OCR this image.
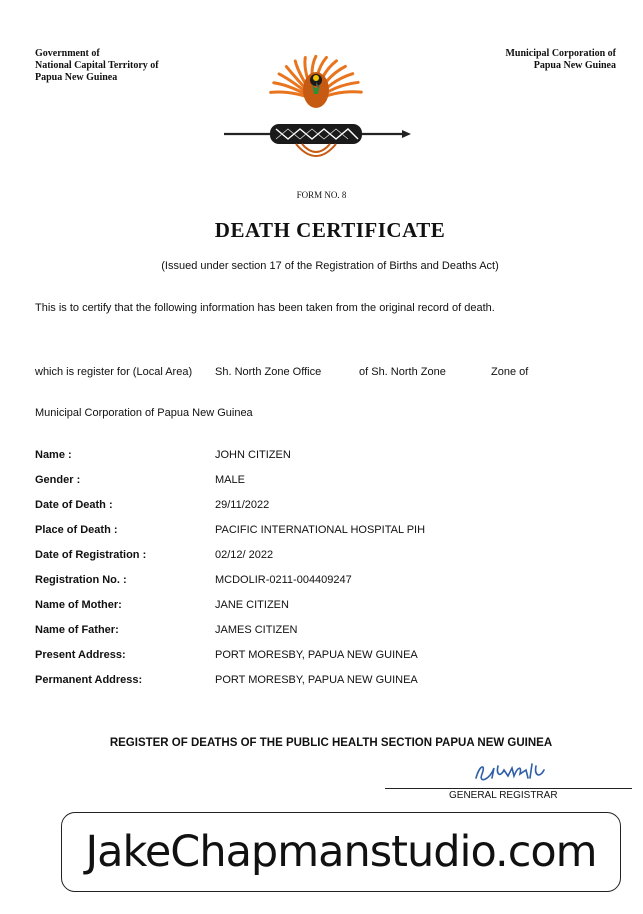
Government of
National Capital Territory of
Papua New Guinea
Municipal Corporation of
Papua New Guinea
FORM NO. 8
DEATH CERTIFICATE
(Issued under section 17 of the Registration of Births and Deaths Act)
This is to certify that the following information has been taken from the original record of death.
which is register for (Local Area) Sh. North Zone Office	of Sh. North Zone	Zone of
Municipal Corporation of Papua New Guinea
Name :	JOHN CITIZEN
Gender :	MALE
Date of Death :	29/11/2022
Place of Death :	PACIFIC INTERNATIONAL HOSPITAL PIH
Date of Registration :	02/12/ 2022
Registration No. :	MCDOLIR-0211-004409247
Name of Mother:	JANE CITIZEN
Name of Father:	JAMES CITIZEN
Present Address:	PORT MORESBY, PAPUA NEW GUINEA
Permanent Address:	PORT MORESBY, PAPUA NEW GUINEA
REGISTER OF DEATHS OF THE PUBLIC HEALTH SECTION PAPUA NEW GUINEA
GENERAL REGISTRAR
JakeChapmanstudio.com
